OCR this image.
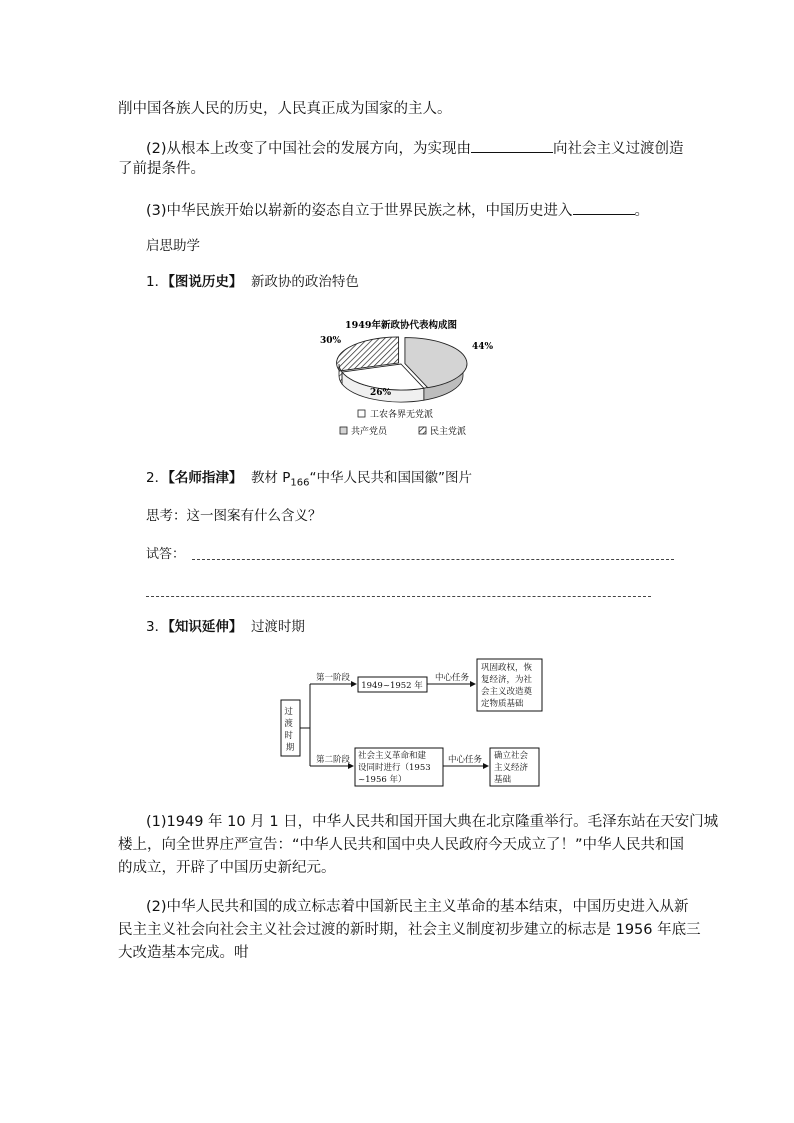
削中国各族人民的历史，人民真正成为国家的主人。
(2)从根本上改变了中国社会的发展方向，为实现由	向社会主义过渡创造
了前提条件。
(3)中华民族开始以崭新的姿态自立于世界民族之林，中国历史进入	。
启思助学
1．【图说历史】 新政协的政治特色
1949年新政协代表构成图
44%
26%
30%
工农各界无党派
共产党员	民主党派
2．【名师指津】 教材 $P_{166}“$中华人民共和国国徽”图片
思考：这一图案有什么含义？
试答：
3．【知识延伸】 过渡时期
过 渡 时 期
第一阶段
1949~1952 年
中心任务
巩固政权，恢
复经济，为社
会主义改造奠
定物质基础
第二阶段 社会主义革命和建
设同时进行（1953
~1956 年）
中心任务 确立社会
主义经济
基础
(1)1949 年 10 月 1 日，中华人民共和国开国大典在北京隆重举行。毛泽东站在天安门城
楼上，向全世界庄严宣告：“中华人民共和国中央人民政府今天成立了！”中华人民共和国
的成立，开辟了中国历史新纪元。
(2)中华人民共和国的成立标志着中国新民主主义革命的基本结束，中国历史进入从新
民主主义社会向社会主义社会过渡的新时期，社会主义制度初步建立的标志是 1956 年底三
大改造基本完成。咁
